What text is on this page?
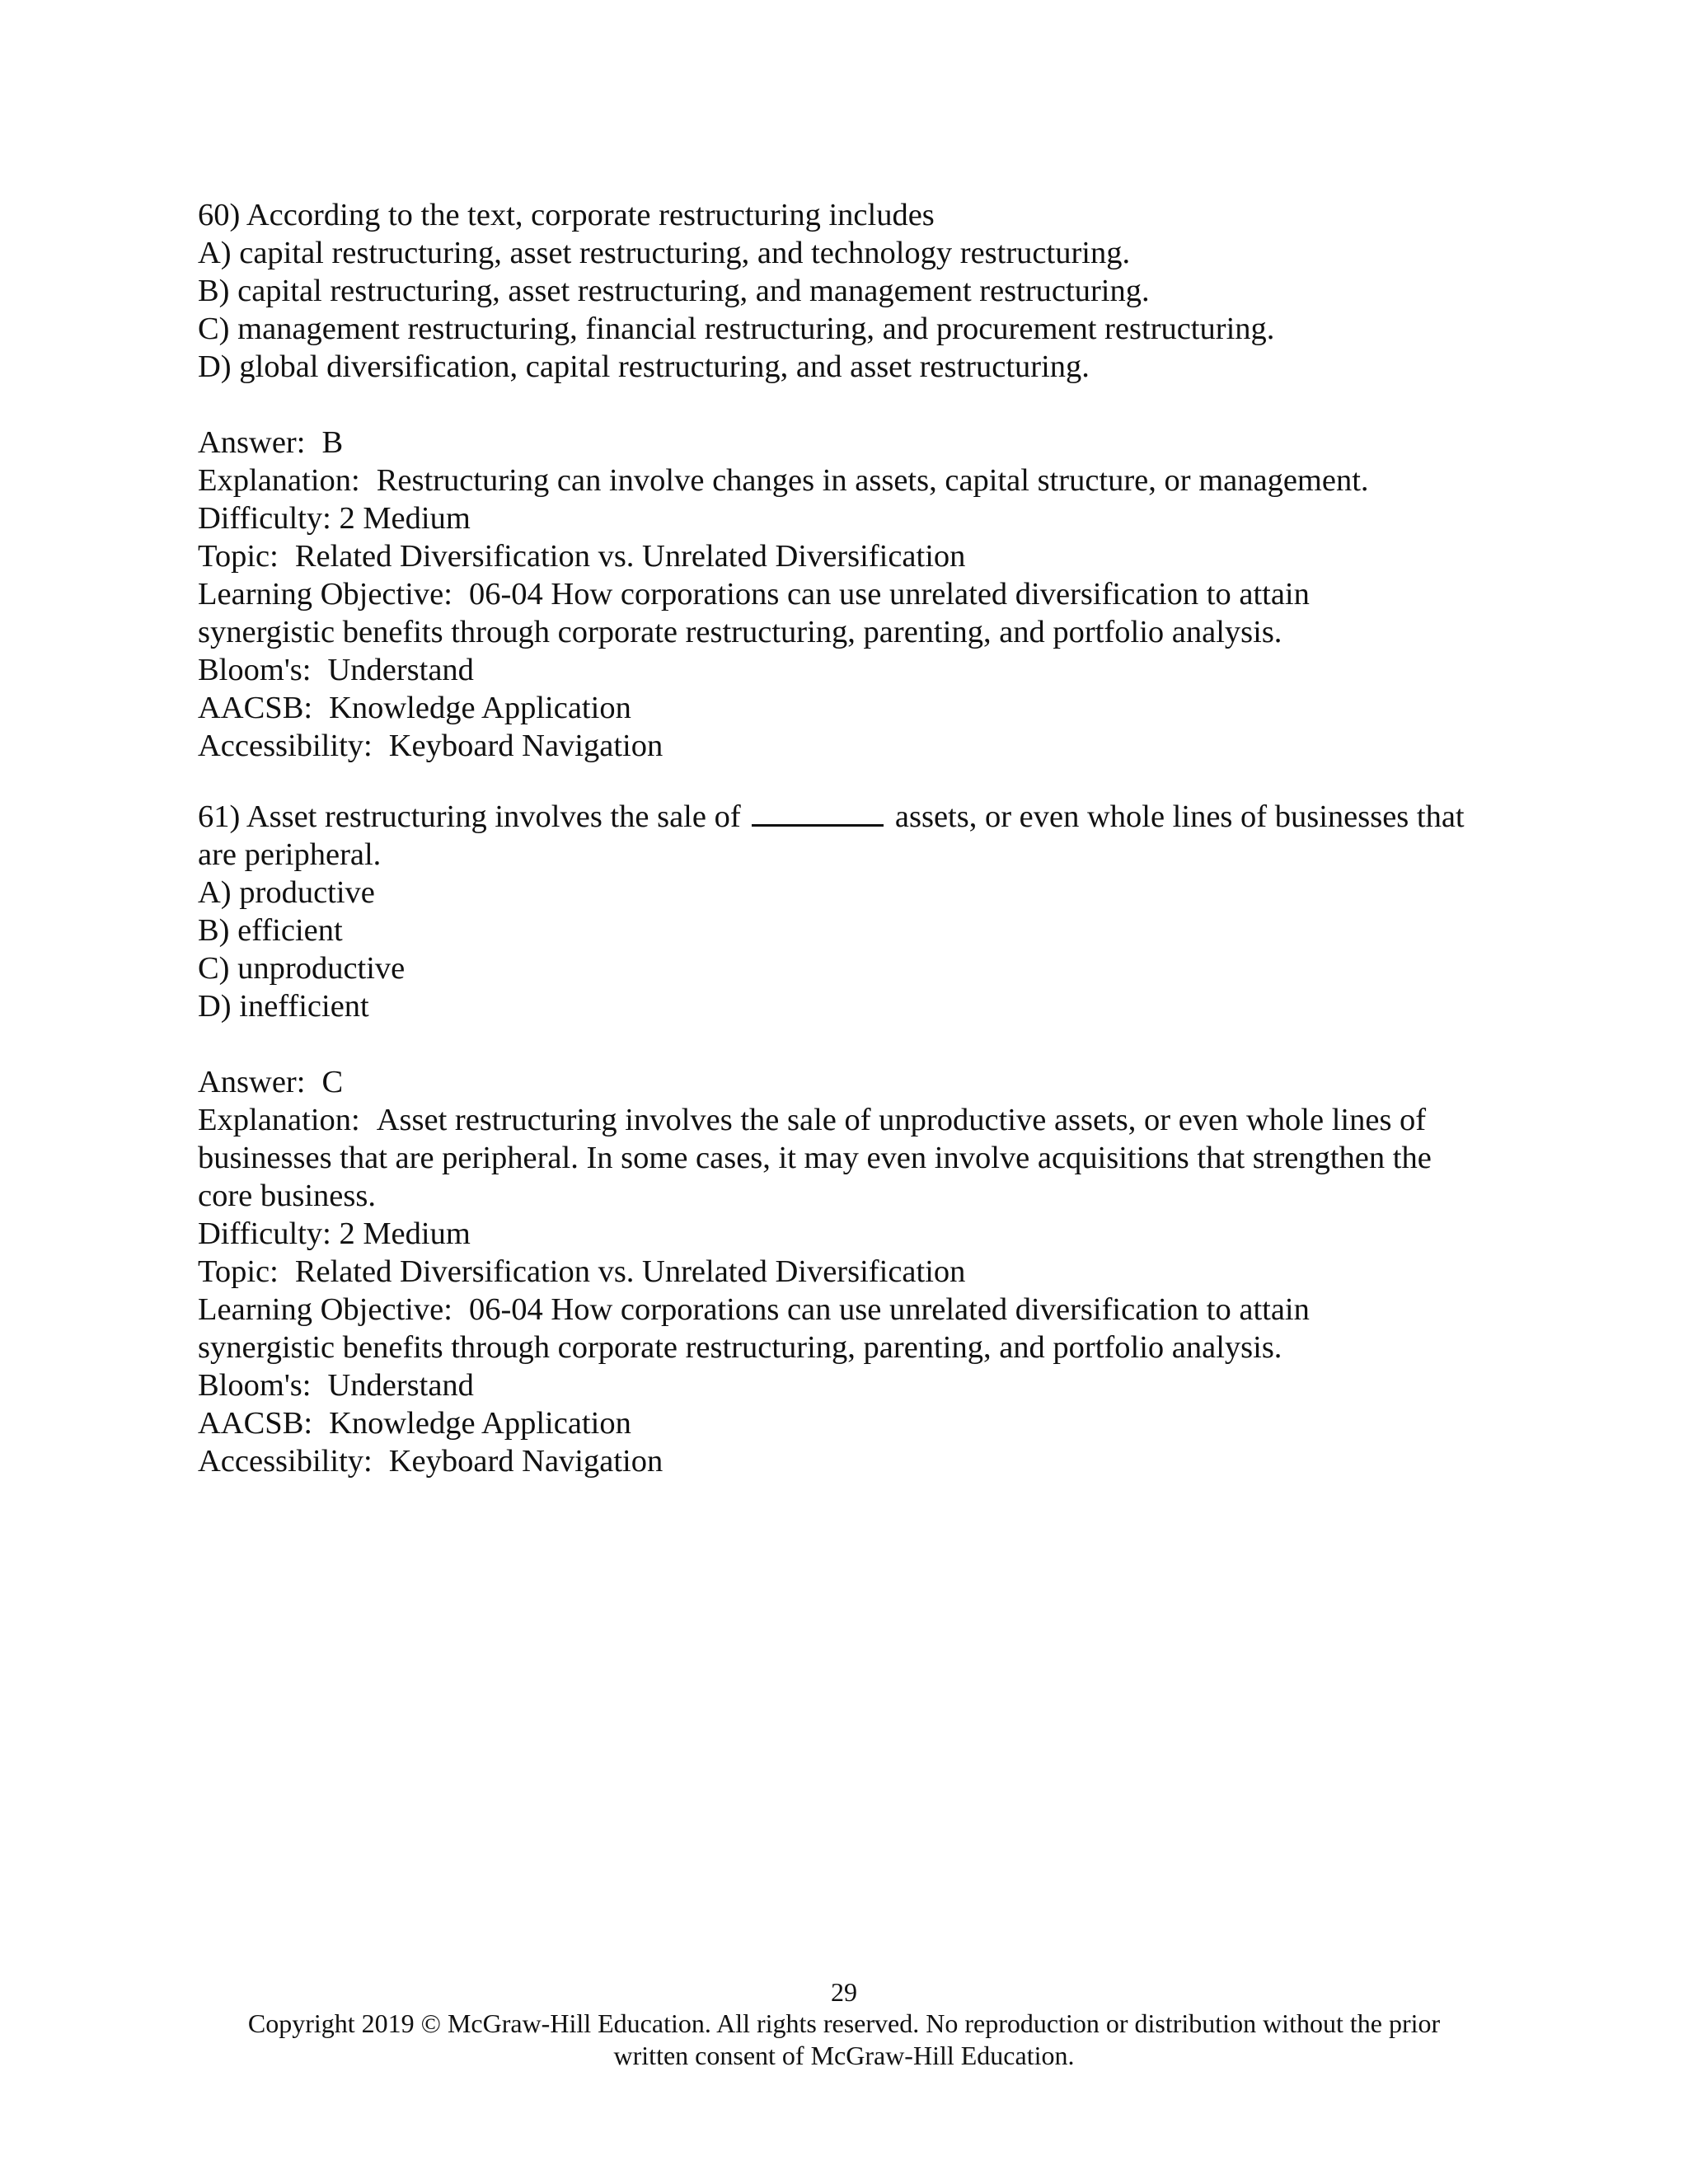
60) According to the text, corporate restructuring includes
A) capital restructuring, asset restructuring, and technology restructuring.
B) capital restructuring, asset restructuring, and management restructuring.
C) management restructuring, financial restructuring, and procurement restructuring.
D) global diversification, capital restructuring, and asset restructuring.
Answer: B
Explanation: Restructuring can involve changes in assets, capital structure, or management.
Difficulty: 2 Medium
Topic: Related Diversification vs. Unrelated Diversification
Learning Objective: 06-04 How corporations can use unrelated diversification to attain
synergistic benefits through corporate restructuring, parenting, and portfolio analysis.
Bloom's: Understand
AACSB: Knowledge Application
Accessibility: Keyboard Navigation
61) Asset restructuring involves the sale of	assets, or even whole lines of businesses that
are peripheral.
A) productive
B) efficient
C) unproductive
D) inefficient
Answer: C
Explanation: Asset restructuring involves the sale of unproductive assets, or even whole lines of
businesses that are peripheral. In some cases, it may even involve acquisitions that strengthen the
core business.
Difficulty: 2 Medium
Topic: Related Diversification vs. Unrelated Diversification
Learning Objective: 06-04 How corporations can use unrelated diversification to attain
synergistic benefits through corporate restructuring, parenting, and portfolio analysis.
Bloom's: Understand
AACSB: Knowledge Application
Accessibility: Keyboard Navigation
29
Copyright 2019 © McGraw-Hill Education. All rights reserved. No reproduction or distribution without the prior
written consent of McGraw-Hill Education.
